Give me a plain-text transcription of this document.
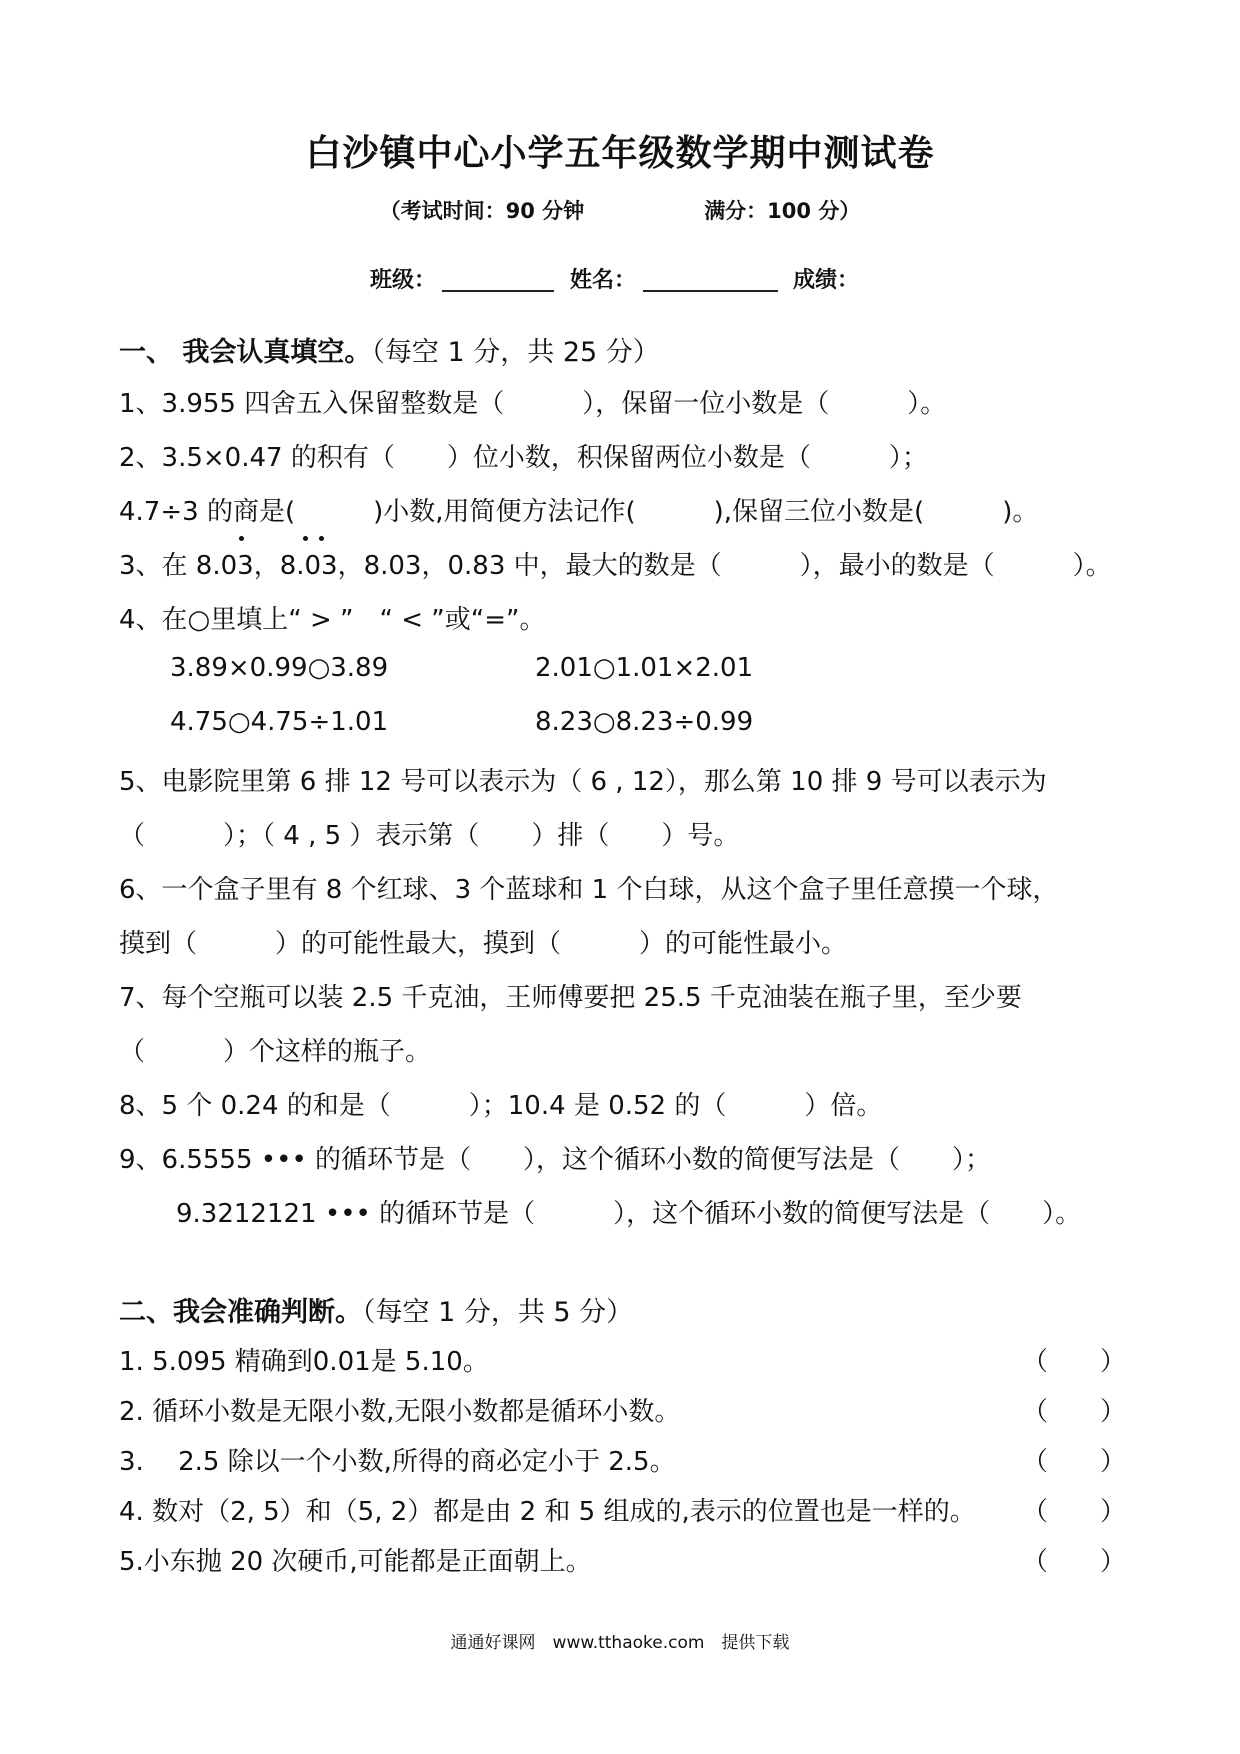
白沙镇中心小学五年级数学期中测试卷
（考试时间：90 分钟	满分：100 分）
班级：	姓名：	成绩：
一、 我会认真填空。（每空 1 分，共 25 分）
1、3.955 四舍五入保留整数是（　　　），保留一位小数是（　　　）。
2、3.5×0.47 的积有（　　）位小数，积保留两位小数是（　　　）；
4.7÷3 的商是(　　　)小数,用简便方法记作(　　　),保留三位小数是(　　　)。
3、在 8.03，8.03，8.03，0.83 中，最大的数是（　　　），最小的数是（　　　）。
4、在○里填上“ > ”　“ < ”或“=”。
3.89×0.99○3.89	2.01○1.01×2.01
4.75○4.75÷1.01	8.23○8.23÷0.99
5、电影院里第 6 排 12 号可以表示为（ 6 , 12），那么第 10 排 9 号可以表示为
（　　　）；（ 4 , 5 ）表示第（　　）排（　　）号。
6、一个盒子里有 8 个红球、3 个蓝球和 1 个白球，从这个盒子里任意摸一个球，
摸到（　　　）的可能性最大，摸到（　　　）的可能性最小。
7、每个空瓶可以装 2.5 千克油，王师傅要把 25.5 千克油装在瓶子里，至少要
（　　　）个这样的瓶子。
8、5 个 0.24 的和是（　　　）；10.4 是 0.52 的（　　　）倍。
9、6.5555 ••• 的循环节是（　　），这个循环小数的简便写法是（　　）；
9.3212121 ••• 的循环节是（　　　），这个循环小数的简便写法是（　　）。
二、我会准确判断。（每空 1 分，共 5 分）
1. 5.095 精确到0.01是 5.10。	（　　）
2. 循环小数是无限小数,无限小数都是循环小数。	（　　）
3.　 2.5 除以一个小数,所得的商必定小于 2.5。	（　　）
4. 数对（2, 5）和（5, 2）都是由 2 和 5 组成的,表示的位置也是一样的。 （　　）
5.小东抛 20 次硬币,可能都是正面朝上。	（　　）
通通好课网　www.tthaoke.com　提供下载
